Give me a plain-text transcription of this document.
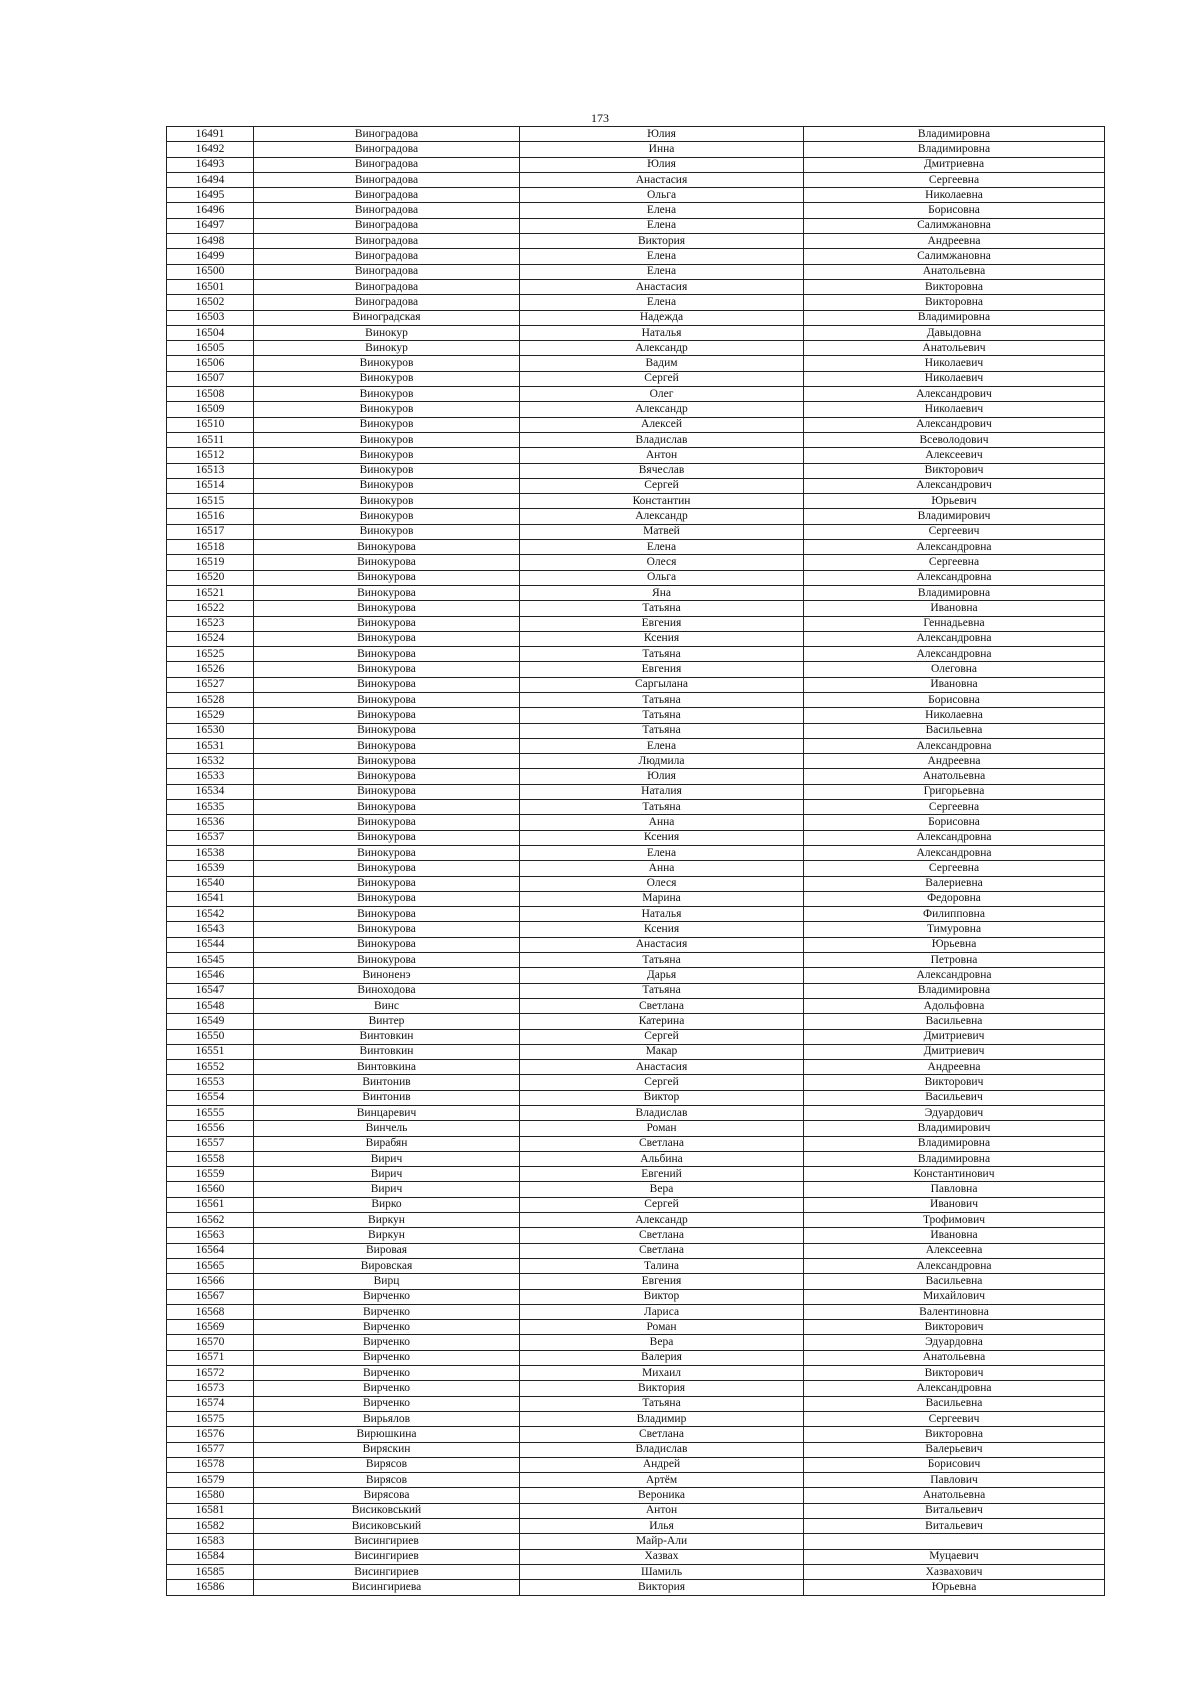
173
16491	Виноградова	Юлия	Владимировна
16492	Виноградова	Инна	Владимировна
16493	Виноградова	Юлия	Дмитриевна
16494	Виноградова	Анастасия	Сергеевна
16495	Виноградова	Ольга	Николаевна
16496	Виноградова	Елена	Борисовна
16497	Виноградова	Елена	Салимжановна
16498	Виноградова	Виктория	Андреевна
16499	Виноградова	Елена	Салимжановна
16500	Виноградова	Елена	Анатольевна
16501	Виноградова	Анастасия	Викторовна
16502	Виноградова	Елена	Викторовна
16503	Виноградская	Надежда	Владимировна
16504	Винокур	Наталья	Давыдовна
16505	Винокур	Александр	Анатольевич
16506	Винокуров	Вадим	Николаевич
16507	Винокуров	Сергей	Николаевич
16508	Винокуров	Олег	Александрович
16509	Винокуров	Александр	Николаевич
16510	Винокуров	Алексей	Александрович
16511	Винокуров	Владислав	Всеволодович
16512	Винокуров	Антон	Алексеевич
16513	Винокуров	Вячеслав	Викторович
16514	Винокуров	Сергей	Александрович
16515	Винокуров	Константин	Юрьевич
16516	Винокуров	Александр	Владимирович
16517	Винокуров	Матвей	Сергеевич
16518	Винокурова	Елена	Александровна
16519	Винокурова	Олеся	Сергеевна
16520	Винокурова	Ольга	Александровна
16521	Винокурова	Яна	Владимировна
16522	Винокурова	Татьяна	Ивановна
16523	Винокурова	Евгения	Геннадьевна
16524	Винокурова	Ксения	Александровна
16525	Винокурова	Татьяна	Александровна
16526	Винокурова	Евгения	Олеговна
16527	Винокурова	Саргылана	Ивановна
16528	Винокурова	Татьяна	Борисовна
16529	Винокурова	Татьяна	Николаевна
16530	Винокурова	Татьяна	Васильевна
16531	Винокурова	Елена	Александровна
16532	Винокурова	Людмила	Андреевна
16533	Винокурова	Юлия	Анатольевна
16534	Винокурова	Наталия	Григорьевна
16535	Винокурова	Татьяна	Сергеевна
16536	Винокурова	Анна	Борисовна
16537	Винокурова	Ксения	Александровна
16538	Винокурова	Елена	Александровна
16539	Винокурова	Анна	Сергеевна
16540	Винокурова	Олеся	Валериевна
16541	Винокурова	Марина	Федоровна
16542	Винокурова	Наталья	Филипповна
16543	Винокурова	Ксения	Тимуровна
16544	Винокурова	Анастасия	Юрьевна
16545	Винокурова	Татьяна	Петровна
16546	Виноненэ	Дарья	Александровна
16547	Виноходова	Татьяна	Владимировна
16548	Винс	Светлана	Адольфовна
16549	Винтер	Катерина	Васильевна
16550	Винтовкин	Сергей	Дмитриевич
16551	Винтовкин	Макар	Дмитриевич
16552	Винтовкина	Анастасия	Андреевна
16553	Винтонив	Сергей	Викторович
16554	Винтонив	Виктор	Васильевич
16555	Винцаревич	Владислав	Эдуардович
16556	Винчель	Роман	Владимирович
16557	Вирабян	Светлана	Владимировна
16558	Вирич	Альбина	Владимировна
16559	Вирич	Евгений	Константинович
16560	Вирич	Вера	Павловна
16561	Вирко	Сергей	Иванович
16562	Виркун	Александр	Трофимович
16563	Виркун	Светлана	Ивановна
16564	Вировая	Светлана	Алексеевна
16565	Вировская	Талина	Александровна
16566	Вирц	Евгения	Васильевна
16567	Вирченко	Виктор	Михайлович
16568	Вирченко	Лариса	Валентиновна
16569	Вирченко	Роман	Викторович
16570	Вирченко	Вера	Эдуардовна
16571	Вирченко	Валерия	Анатольевна
16572	Вирченко	Михаил	Викторович
16573	Вирченко	Виктория	Александровна
16574	Вирченко	Татьяна	Васильевна
16575	Вирьялов	Владимир	Сергеевич
16576	Вирюшкина	Светлана	Викторовна
16577	Виряскин	Владислав	Валерьевич
16578	Вирясов	Андрей	Борисович
16579	Вирясов	Артём	Павлович
16580	Вирясова	Вероника	Анатольевна
16581	Висиковський	Антон	Витальевич
16582	Висиковський	Илья	Витальевич
16583	Висингириев	Майр-Али	
16584	Висингириев	Хазвах	Муцаевич
16585	Висингириев	Шамиль	Хазвахович
16586	Висингириева	Виктория	Юрьевна
